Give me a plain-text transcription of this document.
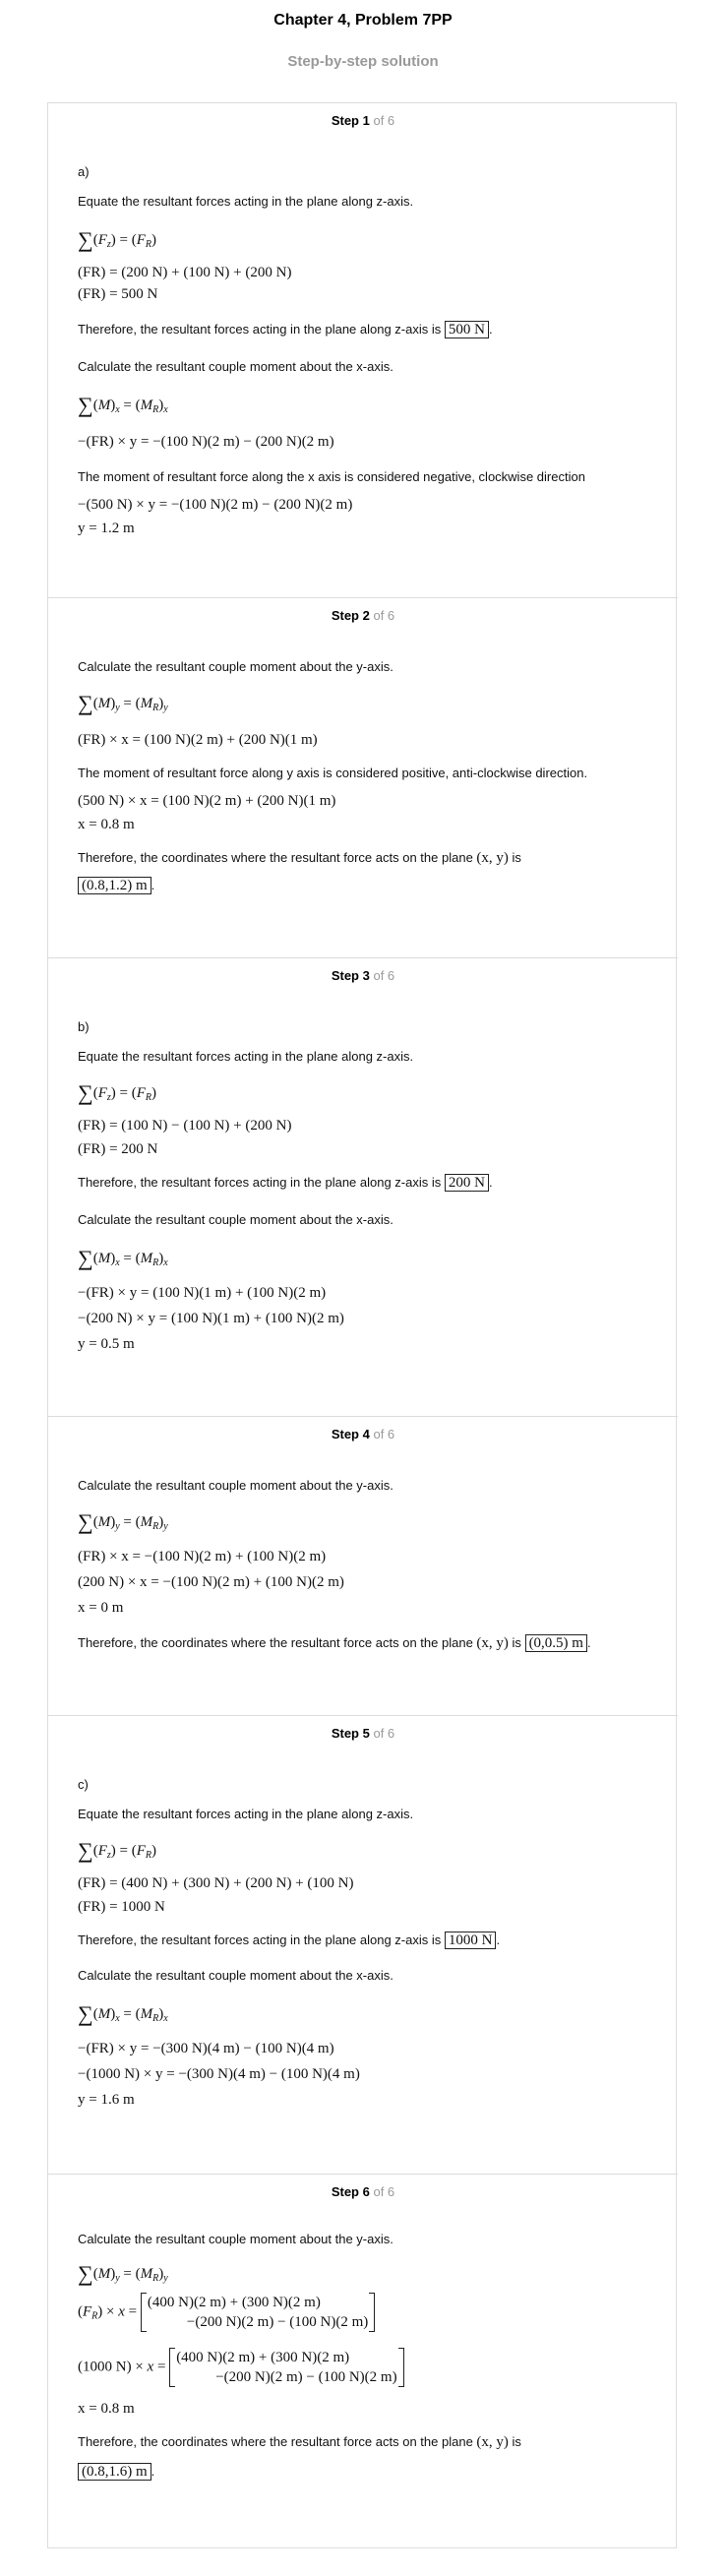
Chapter 4, Problem 7PP
Step-by-step solution
Step 1 of 6
a)
Equate the resultant forces acting in the plane along z-axis.
$\sum(F_z) = (F_R)$
(FR) = (200 N) + (100 N) + (200 N)
(FR) = 500 N
Therefore, the resultant forces acting in the plane along z-axis is 500 N .
Calculate the resultant couple moment about the x-axis.
$\sum(M)_x = (M_R)_x$
−(FR) × y = −(100 N)(2 m) − (200 N)(2 m)
The moment of resultant force along the x axis is considered negative, clockwise direction
−(500 N) × y = −(100 N)(2 m) − (200 N)(2 m)
y = 1.2 m
Step 2 of 6
Calculate the resultant couple moment about the y-axis.
$\sum(M)_y = (M_R)_y$
(FR) × x = (100 N)(2 m) + (200 N)(1 m)
The moment of resultant force along y axis is considered positive, anti-clockwise direction.
(500 N) × x = (100 N)(2 m) + (200 N)(1 m)
x = 0.8 m
Therefore, the coordinates where the resultant force acts on the plane (x, y) is
(0.8,1.2) m .
Step 3 of 6
b)
Equate the resultant forces acting in the plane along z-axis.
$\sum(F_z) = (F_R)$
(FR) = (100 N) − (100 N) + (200 N)
(FR) = 200 N
Therefore, the resultant forces acting in the plane along z-axis is 200 N .
Calculate the resultant couple moment about the x-axis.
$\sum(M)_x = (M_R)_x$
−(FR) × y = (100 N)(1 m) + (100 N)(2 m)
−(200 N) × y = (100 N)(1 m) + (100 N)(2 m)
y = 0.5 m
Step 4 of 6
Calculate the resultant couple moment about the y-axis.
$\sum(M)_y = (M_R)_y$
(FR) × x = −(100 N)(2 m) + (100 N)(2 m)
(200 N) × x = −(100 N)(2 m) + (100 N)(2 m)
x = 0 m
Therefore, the coordinates where the resultant force acts on the plane (x, y) is (0,0.5) m .
Step 5 of 6
c)
Equate the resultant forces acting in the plane along z-axis.
$\sum(F_z) = (F_R)$
(FR) = (400 N) + (300 N) + (200 N) + (100 N)
(FR) = 1000 N
Therefore, the resultant forces acting in the plane along z-axis is 1000 N .
Calculate the resultant couple moment about the x-axis.
$\sum(M)_x = (M_R)_x$
−(FR) × y = −(300 N)(4 m) − (100 N)(4 m)
−(1000 N) × y = −(300 N)(4 m) − (100 N)(4 m)
y = 1.6 m
Step 6 of 6
Calculate the resultant couple moment about the y-axis.
$\sum(M)_y = (M_R)_y$
$(F_R) \times x$ =
(400 N)(2 m) + (300 N)(2 m)
−(200 N)(2 m) − (100 N)(2 m)
(1000 N) × x =
(400 N)(2 m) + (300 N)(2 m)
−(200 N)(2 m) − (100 N)(2 m)
x = 0.8 m
Therefore, the coordinates where the resultant force acts on the plane (x, y) is
(0.8,1.6) m .
